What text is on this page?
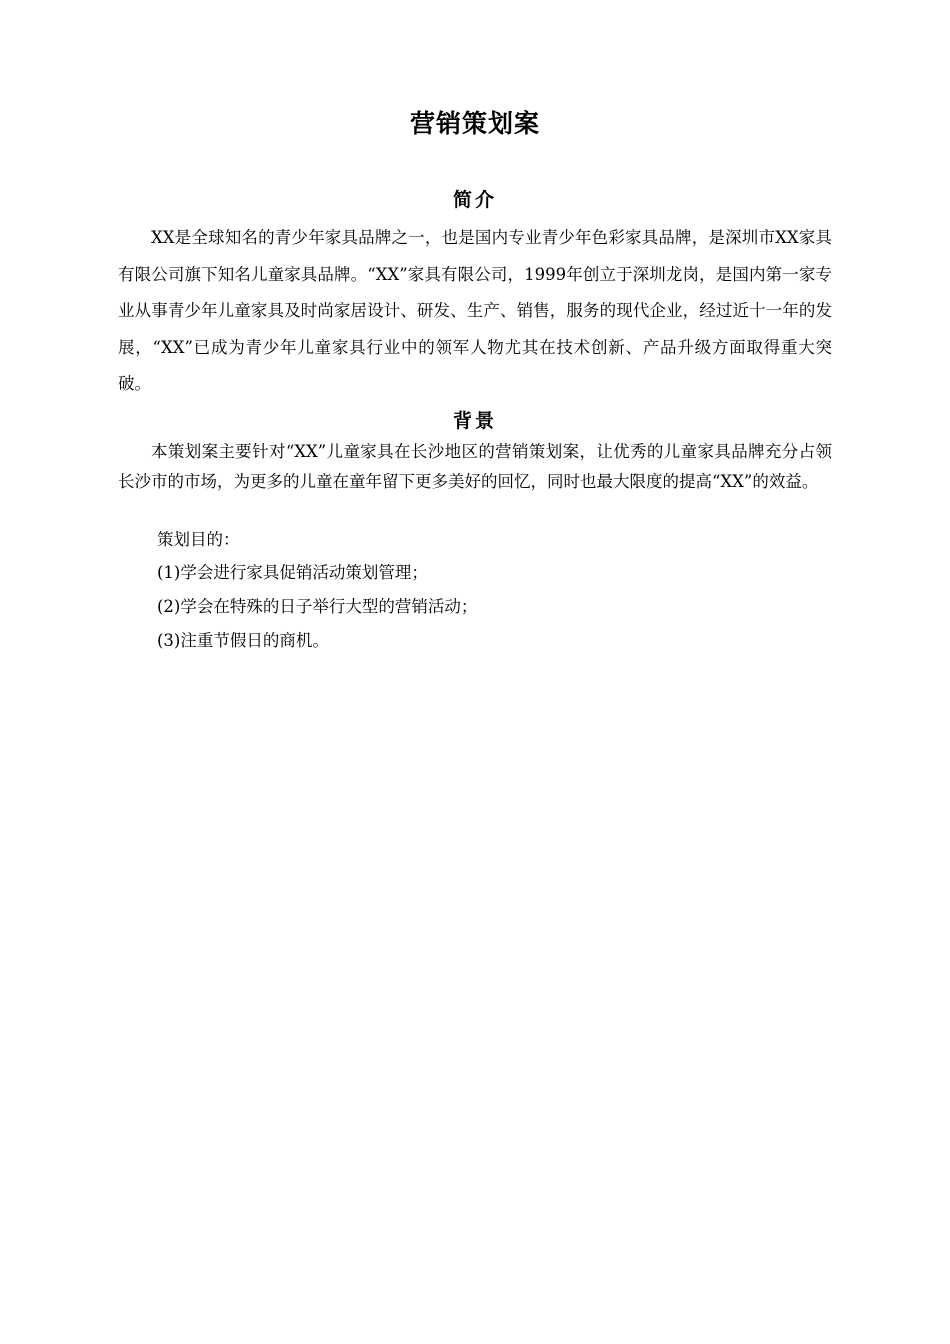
营销策划案
简介

XX是全球知名的青少年家具品牌之一，也是国内专业青少年色彩家具品牌，是深圳市XX家具有限公司旗下知名儿童家具品牌。“XX”家具有限公司，1999年创立于深圳龙岗，是国内第一家专业从事青少年儿童家具及时尚家居设计、研发、生产、销售，服务的现代企业，经过近十一年的发展，“XX”已成为青少年儿童家具行业中的领军人物尤其在技术创新、产品升级方面取得重大突破。

背景

本策划案主要针对“XX”儿童家具在长沙地区的营销策划案，让优秀的儿童家具品牌充分占领长沙市的市场，为更多的儿童在童年留下更多美好的回忆，同时也最大限度的提高“XX”的效益。

策划目的：
(1)学会进行家具促销活动策划管理；
(2)学会在特殊的日子举行大型的营销活动；
(3)注重节假日的商机。
